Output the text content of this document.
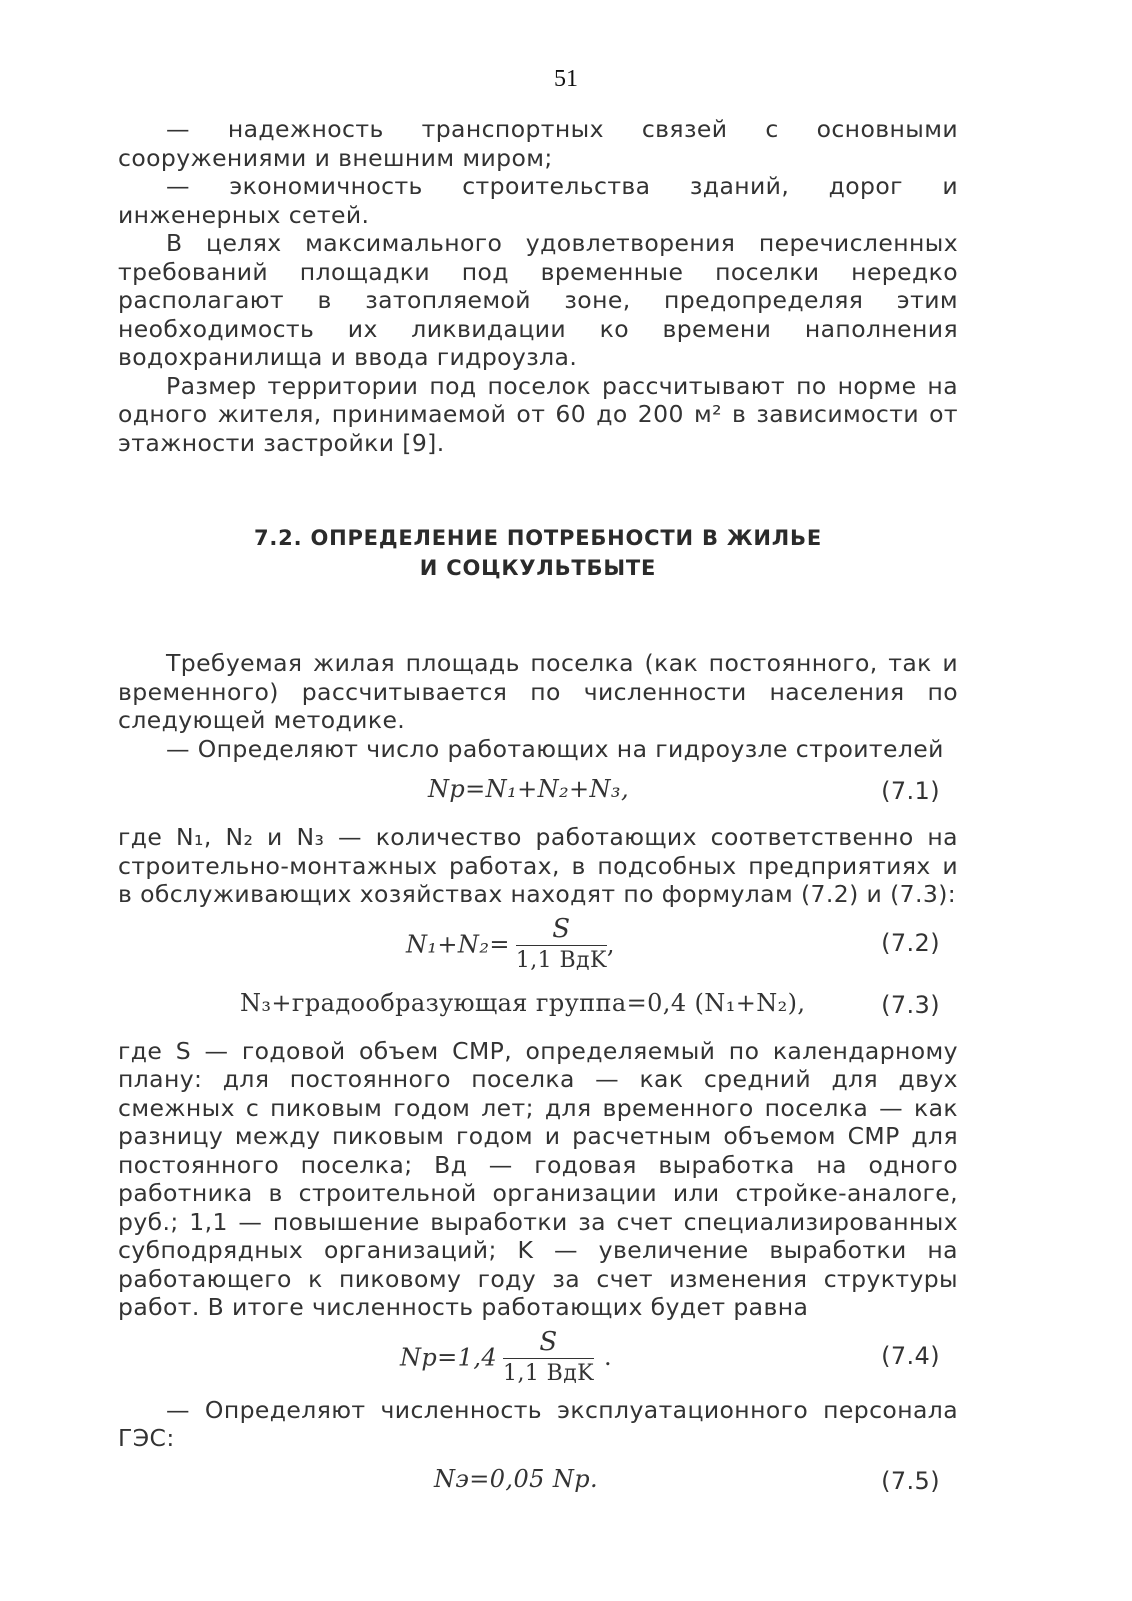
51

— надежность транспортных связей с основными сооружениями и внешним миром;

— экономичность строительства зданий, дорог и инженерных сетей.

В целях максимального удовлетворения перечисленных требований площадки под временные поселки нередко располагают в затопляемой зоне, предопределяя этим необходимость их ликвидации ко времени наполнения водохранилища и ввода гидроузла.

Размер территории под поселок рассчитывают по норме на одного жителя, принимаемой от 60 до 200 м² в зависимости от этажности застройки [9].

7.2. ОПРЕДЕЛЕНИЕ ПОТРЕБНОСТИ В ЖИЛЬЕ
И СОЦКУЛЬТБЫТЕ

Требуемая жилая площадь поселка (как постоянного, так и временного) рассчитывается по численности населения по следующей методике.

— Определяют число работающих на гидроузле строителей

Nр=N₁+N₂+N₃,	(7.1)

где N₁, N₂ и N₃ — количество работающих соответственно на строительно-монтажных работах, в подсобных предприятиях и в обслуживающих хозяйствах находят по формулам (7.2) и (7.3):

$N_1+N_2= \frac{S}{\text{1,1 BдK}}$ ,	(7.2)
N₃+градообразующая группа=0,4 (N₁+N₂),	(7.3)

где S — годовой объем СМР, определяемый по календарному плану: для постоянного поселка — как средний для двух смежных с пиковым годом лет; для временного поселка — как разницу между пиковым годом и расчетным объемом СМР для постоянного поселка; Bд — годовая выработка на одного работника в строительной организации или стройке-аналоге, руб.; 1,1 — повышение выработки за счет специализированных субподрядных организаций; K — увеличение выработки на работающего к пиковому году за счет изменения структуры работ. В итоге численность работающих будет равна

$Nр=1,4 \frac{S}{\text{1,1 BдK}}$ .	(7.4)

— Определяют численность эксплуатационного персонала ГЭС:

Nэ=0,05 Nр.	(7.5)
